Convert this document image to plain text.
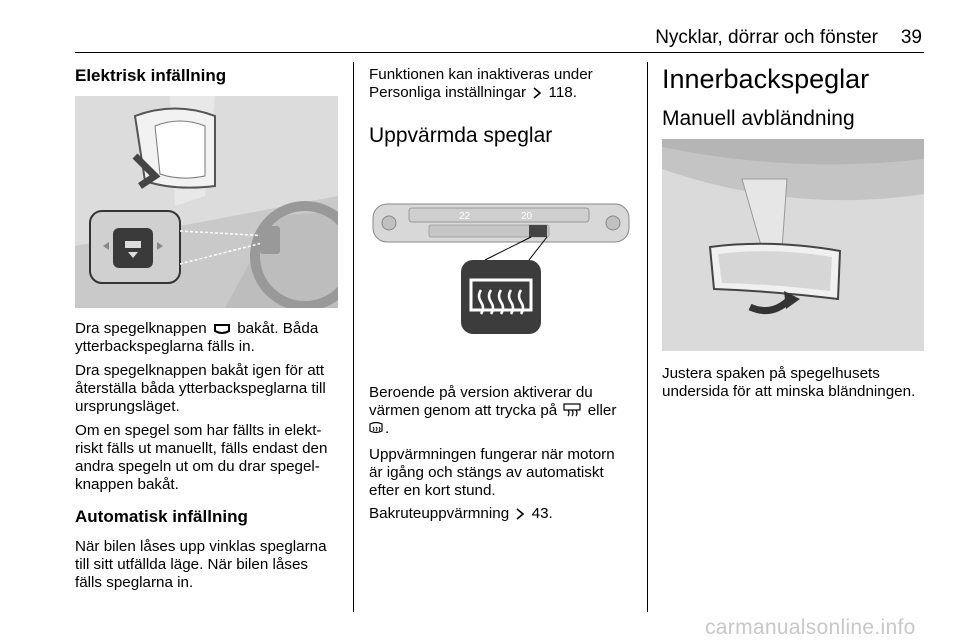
Nycklar, dörrar och fönster	39
Elektrisk infällning
Dra spegelknappen bakåt. Båda
ytterbackspeglarna fälls in.
Dra spegelknappen bakåt igen för att
återställa båda ytterbackspeglarna till
ursprungsläget.
Om en spegel som har fällts in elekt-
riskt fälls ut manuellt, fälls endast den
andra spegeln ut om du drar spegel-
knappen bakåt.
Automatisk infällning
När bilen låses upp vinklas speglarna
till sitt utfällda läge. När bilen låses
fälls speglarna in.
Funktionen kan inaktiveras under
Personliga inställningar 118.
Uppvärmda speglar
22	20
Beroende på version aktiverar du
värmen genom att trycka på eller
.
Uppvärmningen fungerar när motorn
är igång och stängs av automatiskt
efter en kort stund.
Bakruteuppvärmning 43.
Innerbackspeglar
Manuell avbländning
Justera spaken på spegelhusets
undersida för att minska bländningen.
carmanualsonline.info
